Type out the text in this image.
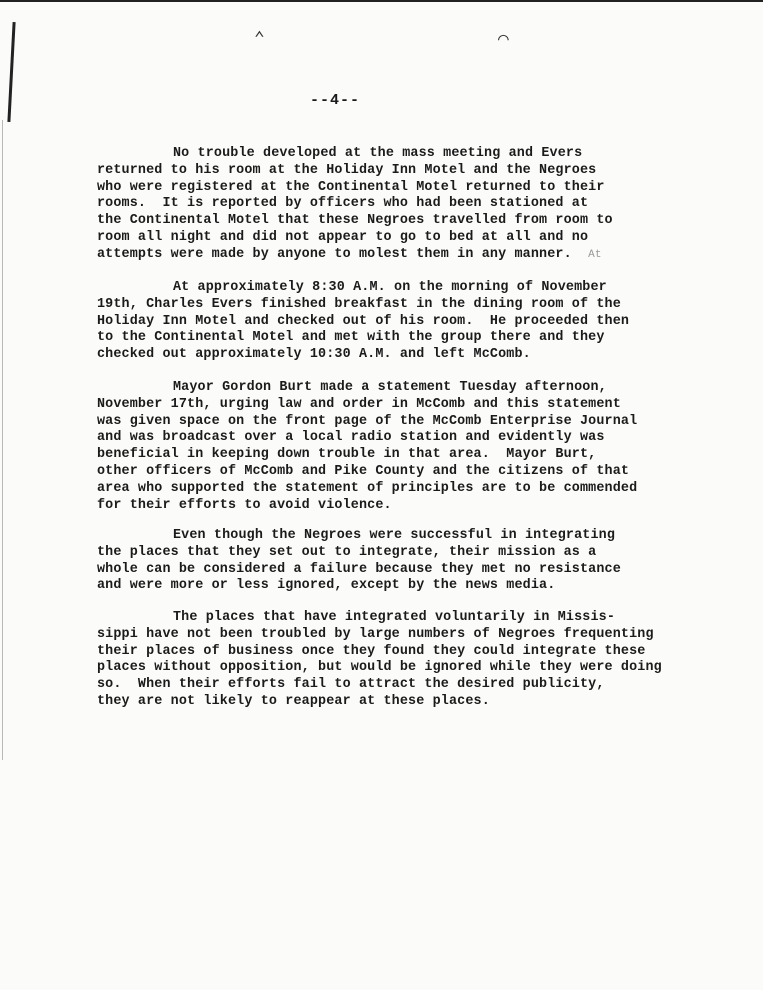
⌃	⌒
--4--
No trouble developed at the mass meeting and Evers
returned to his room at the Holiday Inn Motel and the Negroes
who were registered at the Continental Motel returned to their
rooms.  It is reported by officers who had been stationed at
the Continental Motel that these Negroes travelled from room to
room all night and did not appear to go to bed at all and no
attempts were made by anyone to molest them in any manner. At
At approximately 8:30 A.M. on the morning of November
19th, Charles Evers finished breakfast in the dining room of the
Holiday Inn Motel and checked out of his room.  He proceeded then
to the Continental Motel and met with the group there and they
checked out approximately 10:30 A.M. and left McComb.
Mayor Gordon Burt made a statement Tuesday afternoon,
November 17th, urging law and order in McComb and this statement
was given space on the front page of the McComb Enterprise Journal
and was broadcast over a local radio station and evidently was
beneficial in keeping down trouble in that area.  Mayor Burt,
other officers of McComb and Pike County and the citizens of that
area who supported the statement of principles are to be commended
for their efforts to avoid violence.
Even though the Negroes were successful in integrating
the places that they set out to integrate, their mission as a
whole can be considered a failure because they met no resistance
and were more or less ignored, except by the news media.
The places that have integrated voluntarily in Missis-
sippi have not been troubled by large numbers of Negroes frequenting
their places of business once they found they could integrate these
places without opposition, but would be ignored while they were doing
so.  When their efforts fail to attract the desired publicity,
they are not likely to reappear at these places.
